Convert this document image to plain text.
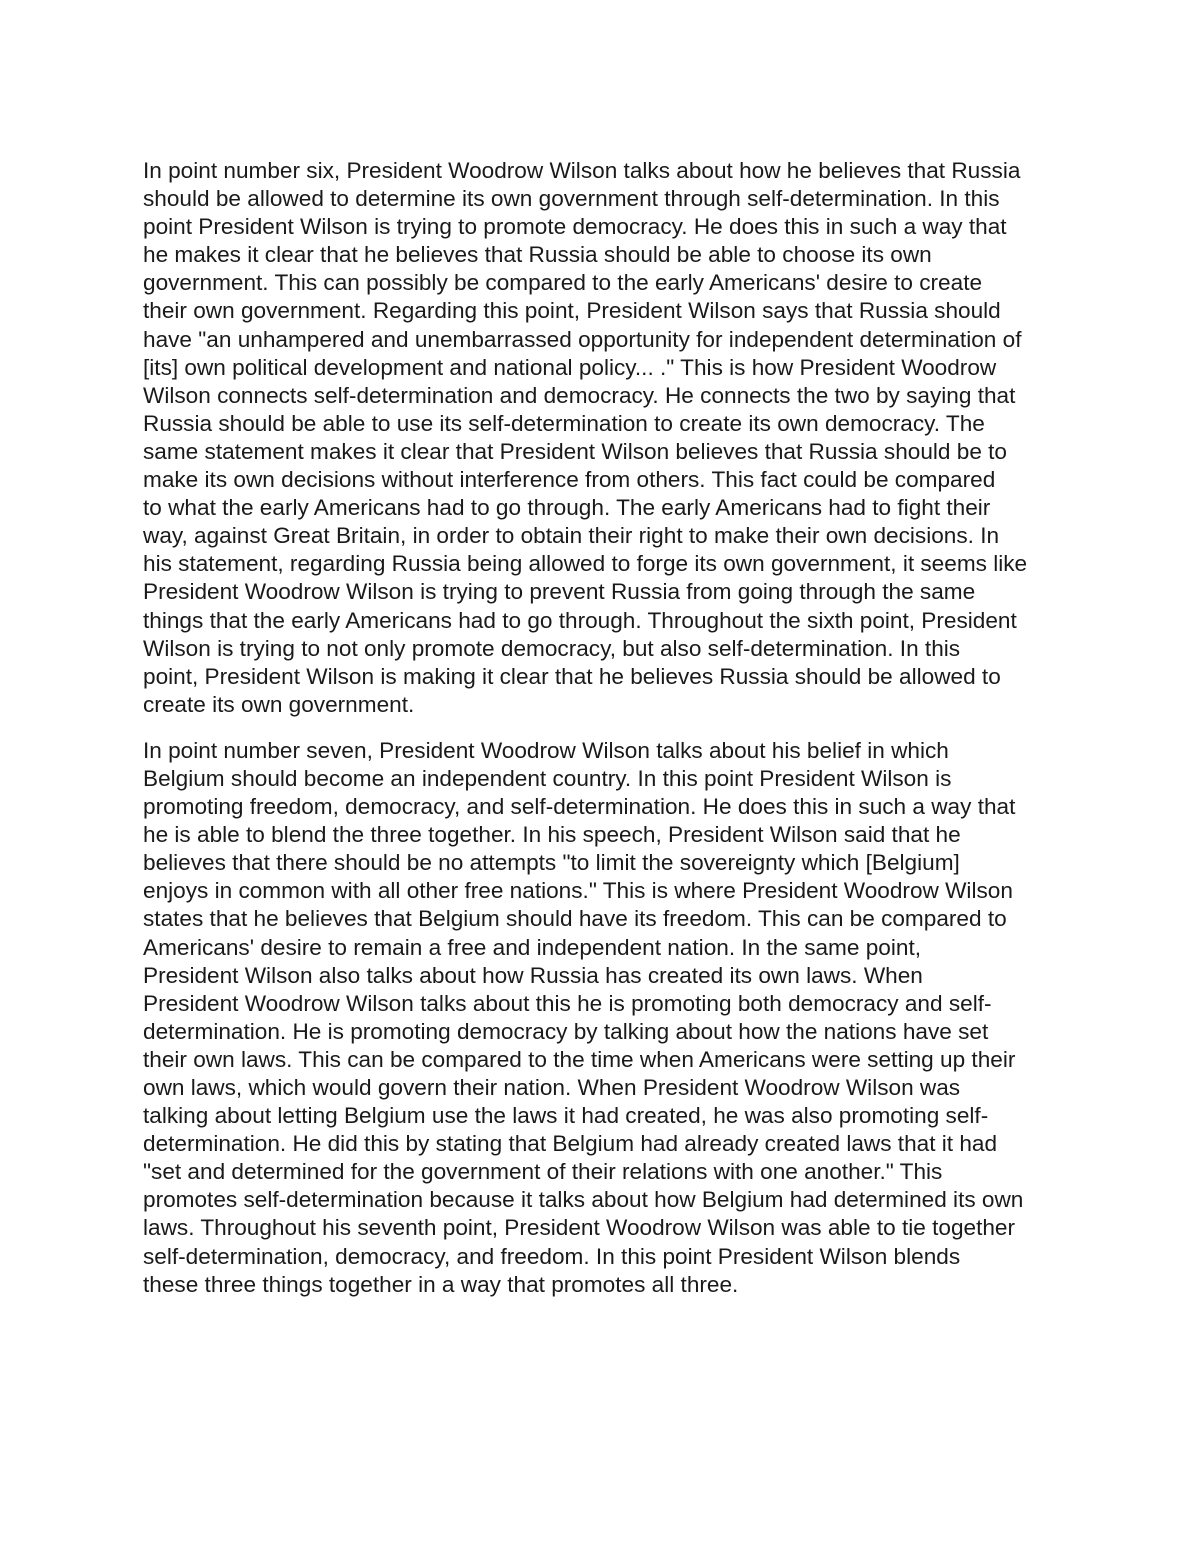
In point number six, President Woodrow Wilson talks about how he believes that Russia
should be allowed to determine its own government through self-determination. In this
point President Wilson is trying to promote democracy. He does this in such a way that
he makes it clear that he believes that Russia should be able to choose its own
government. This can possibly be compared to the early Americans' desire to create
their own government. Regarding this point, President Wilson says that Russia should
have "an unhampered and unembarrassed opportunity for independent determination of
[its] own political development and national policy... ." This is how President Woodrow
Wilson connects self-determination and democracy. He connects the two by saying that
Russia should be able to use its self-determination to create its own democracy. The
same statement makes it clear that President Wilson believes that Russia should be to
make its own decisions without interference from others. This fact could be compared
to what the early Americans had to go through. The early Americans had to fight their
way, against Great Britain, in order to obtain their right to make their own decisions. In
his statement, regarding Russia being allowed to forge its own government, it seems like
President Woodrow Wilson is trying to prevent Russia from going through the same
things that the early Americans had to go through. Throughout the sixth point, President
Wilson is trying to not only promote democracy, but also self-determination. In this
point, President Wilson is making it clear that he believes Russia should be allowed to
create its own government.

In point number seven, President Woodrow Wilson talks about his belief in which
Belgium should become an independent country. In this point President Wilson is
promoting freedom, democracy, and self-determination. He does this in such a way that
he is able to blend the three together. In his speech, President Wilson said that he
believes that there should be no attempts "to limit the sovereignty which [Belgium]
enjoys in common with all other free nations." This is where President Woodrow Wilson
states that he believes that Belgium should have its freedom. This can be compared to
Americans' desire to remain a free and independent nation. In the same point,
President Wilson also talks about how Russia has created its own laws. When
President Woodrow Wilson talks about this he is promoting both democracy and self-
determination. He is promoting democracy by talking about how the nations have set
their own laws. This can be compared to the time when Americans were setting up their
own laws, which would govern their nation. When President Woodrow Wilson was
talking about letting Belgium use the laws it had created, he was also promoting self-
determination. He did this by stating that Belgium had already created laws that it had
"set and determined for the government of their relations with one another." This
promotes self-determination because it talks about how Belgium had determined its own
laws. Throughout his seventh point, President Woodrow Wilson was able to tie together
self-determination, democracy, and freedom. In this point President Wilson blends
these three things together in a way that promotes all three.
